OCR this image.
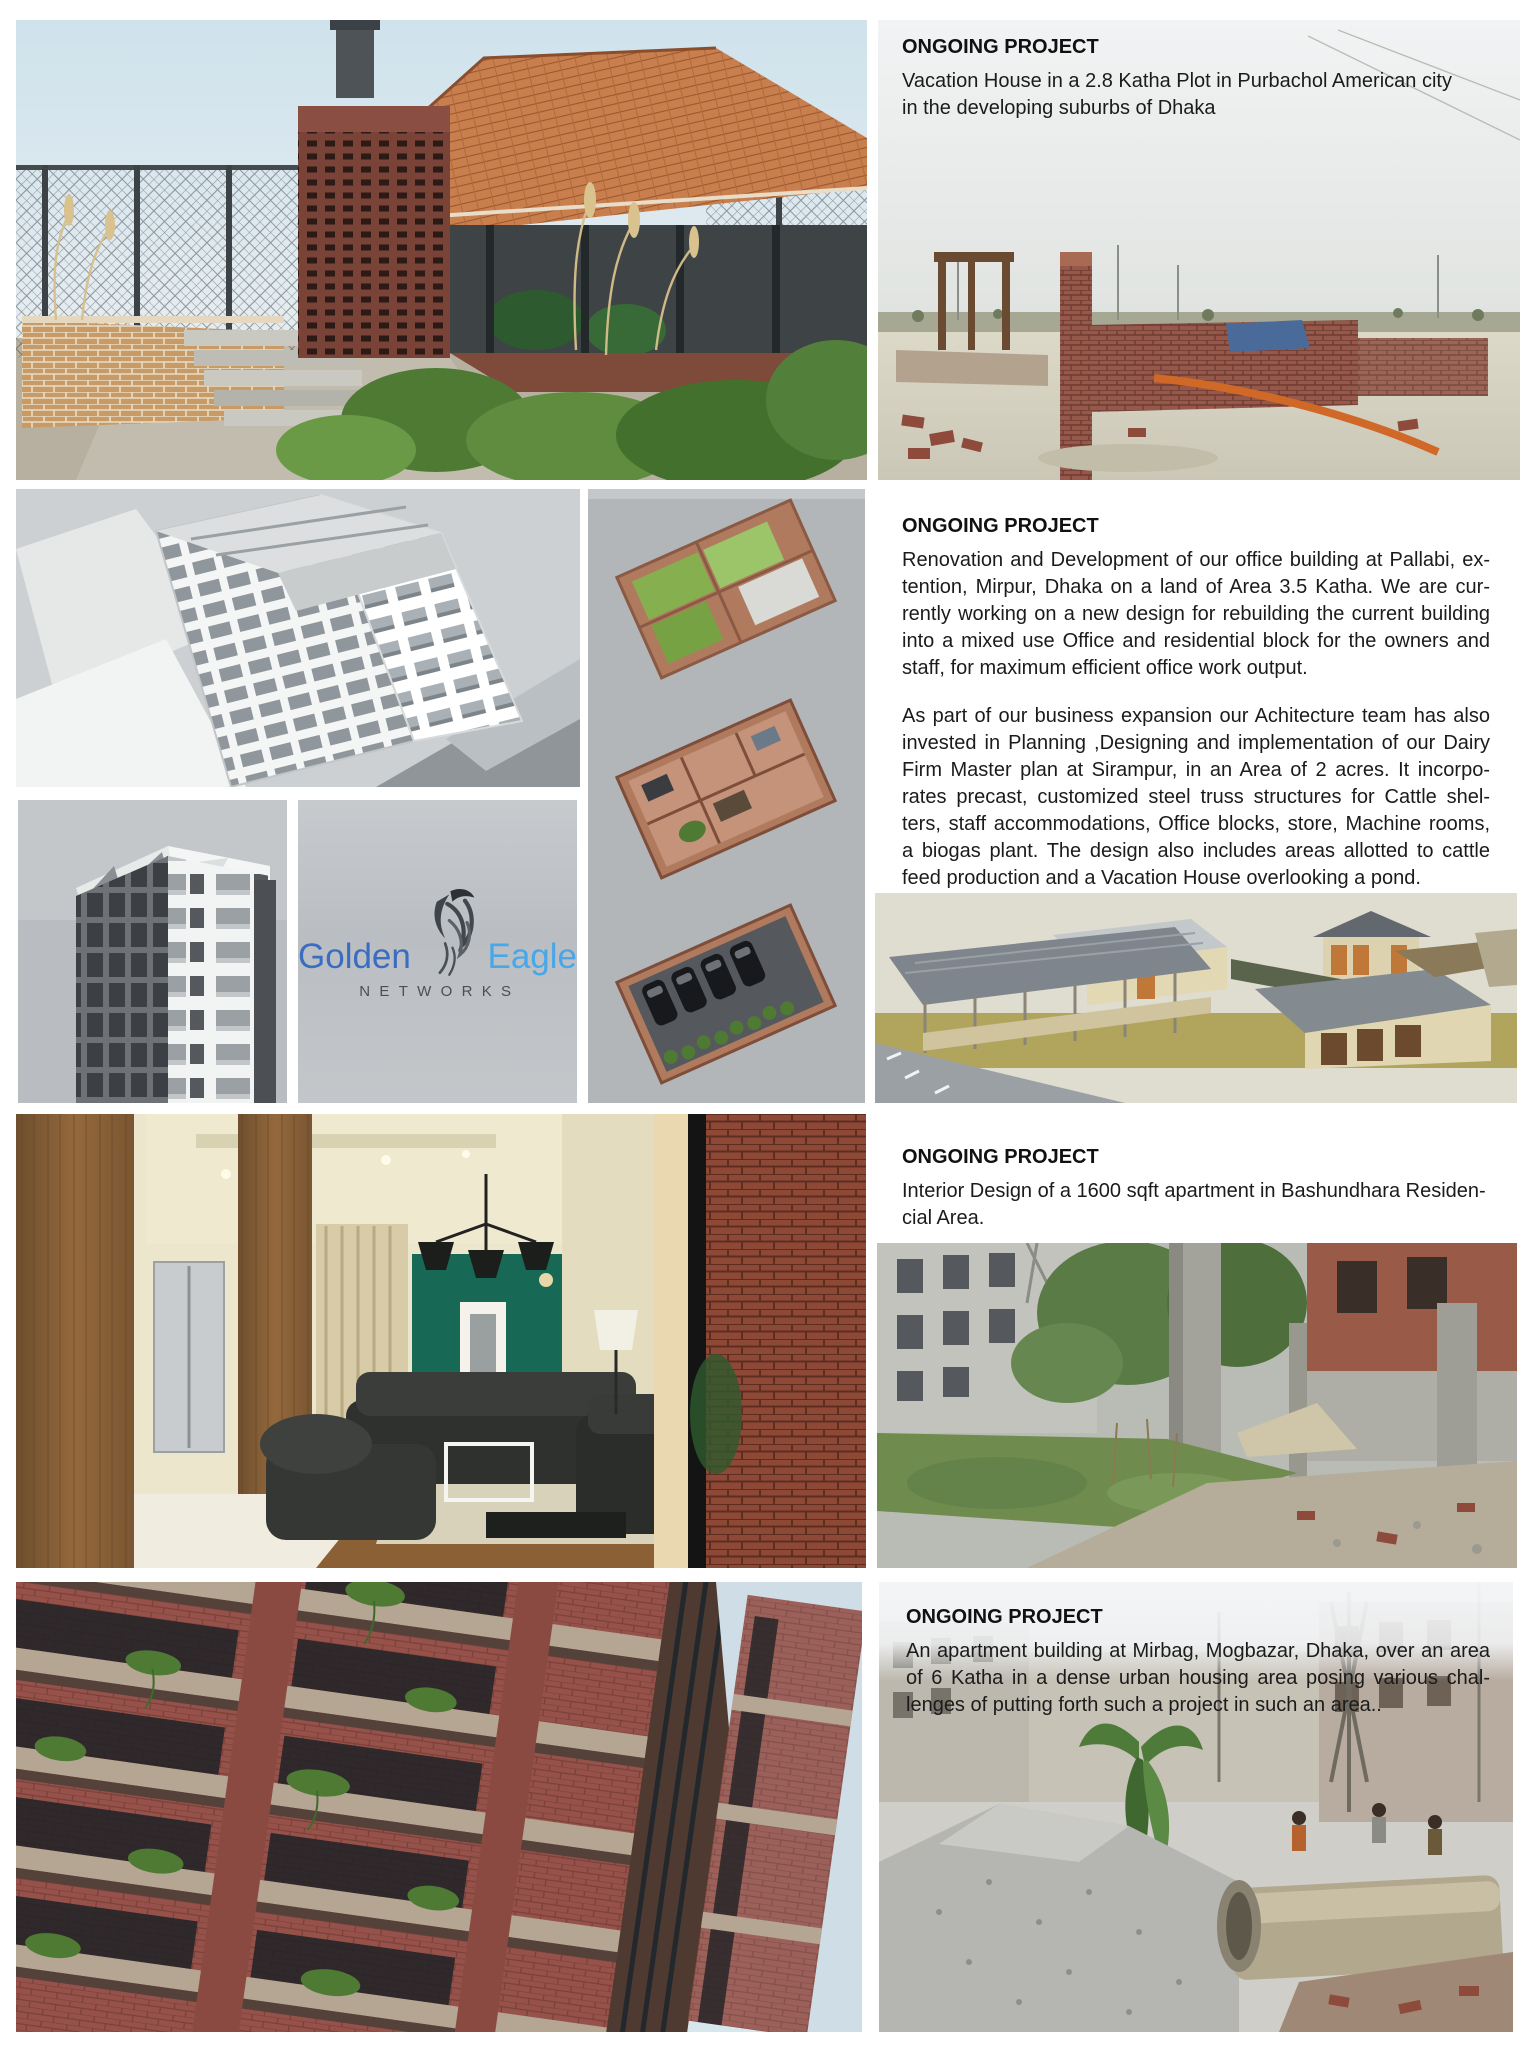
ONGOING PROJECT
Vacation House in a 2.8 Katha Plot in Purbachol American city
in the developing suburbs of Dhaka
Golden Eagle
NETWORKS
ONGOING PROJECT
Renovation and Development of our office building at Pallabi, ex-
tention, Mirpur, Dhaka on a land of Area 3.5 Katha. We are cur-
rently working on a new design for rebuilding the current building
into a mixed use Office and residential block for the owners and
staff, for maximum efficient office work output.
As part of our business expansion our Achitecture team has also
invested in Planning ,Designing and implementation of our Dairy
Firm Master plan at Sirampur, in an Area of 2 acres. It incorpo-
rates precast, customized steel truss structures for Cattle shel-
ters, staff accommodations, Office blocks, store, Machine rooms,
a biogas plant. The design also includes areas allotted to cattle
feed production and a Vacation House overlooking a pond.
ONGOING PROJECT
Interior Design of a 1600 sqft apartment in Bashundhara Residen-
cial Area.
ONGOING PROJECT
An apartment building at Mirbag, Mogbazar, Dhaka, over an area
of 6 Katha in a dense urban housing area posing various chal-
lenges of putting forth such a project in such an area..
